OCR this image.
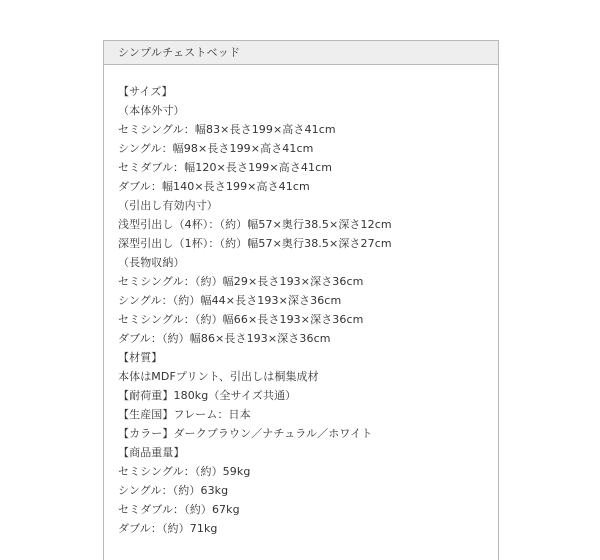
シンプルチェストベッド
【サイズ】
（本体外寸）
セミシングル：幅83×長さ199×高さ41cm
シングル：幅98×長さ199×高さ41cm
セミダブル：幅120×長さ199×高さ41cm
ダブル：幅140×長さ199×高さ41cm
（引出し有効内寸）
浅型引出し（4杯）：（約）幅57×奥行38.5×深さ12cm
深型引出し（1杯）：（約）幅57×奥行38.5×深さ27cm
（長物収納）
セミシングル：（約）幅29×長さ193×深さ36cm
シングル：（約）幅44×長さ193×深さ36cm
セミシングル：（約）幅66×長さ193×深さ36cm
ダブル：（約）幅86×長さ193×深さ36cm
【材質】
本体はMDFプリント、引出しは桐集成材
【耐荷重】180kg（全サイズ共通）
【生産国】フレーム：日本
【カラー】ダークブラウン／ナチュラル／ホワイト
【商品重量】
セミシングル：（約）59kg
シングル：（約）63kg
セミダブル：（約）67kg
ダブル：（約）71kg
